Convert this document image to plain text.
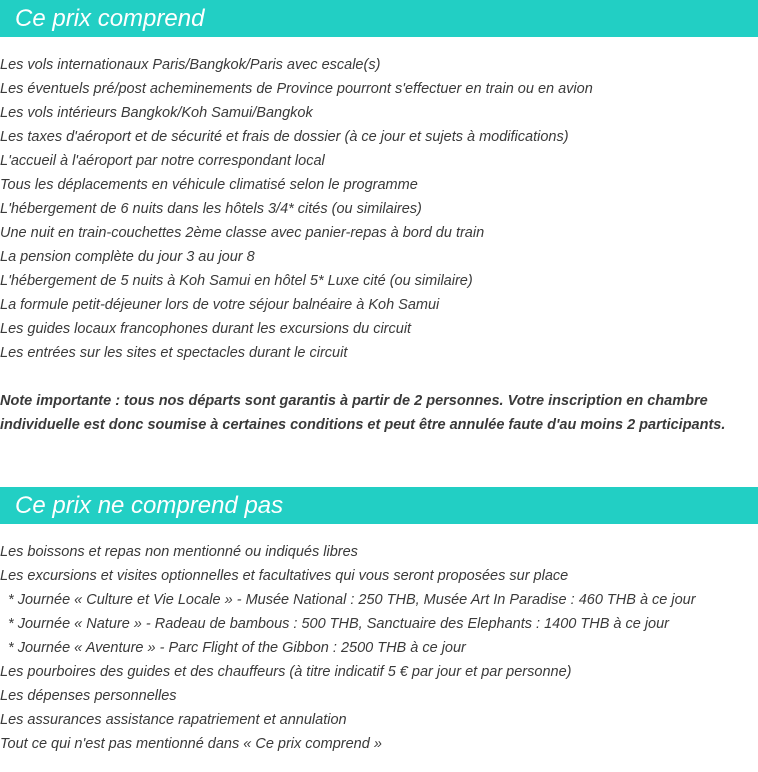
Ce prix comprend
Les vols internationaux Paris/Bangkok/Paris avec escale(s)
Les éventuels pré/post acheminements de Province pourront s'effectuer en train ou en avion
Les vols intérieurs Bangkok/Koh Samui/Bangkok
Les taxes d'aéroport et de sécurité et frais de dossier (à ce jour et sujets à modifications)
L'accueil à l'aéroport par notre correspondant local
Tous les déplacements en véhicule climatisé selon le programme
L'hébergement de 6 nuits dans les hôtels 3/4* cités (ou similaires)
Une nuit en train-couchettes 2ème classe avec panier-repas à bord du train
La pension complète du jour 3 au jour 8
L'hébergement de 5 nuits à Koh Samui en hôtel 5* Luxe cité (ou similaire)
La formule petit-déjeuner lors de votre séjour balnéaire à Koh Samui
Les guides locaux francophones durant les excursions du circuit
Les entrées sur les sites et spectacles durant le circuit

Note importante : tous nos départs sont garantis à partir de 2 personnes. Votre inscription en chambre individuelle est donc soumise à certaines conditions et peut être annulée faute d'au moins 2 participants.

Ce prix ne comprend pas
Les boissons et repas non mentionné ou indiqués libres
Les excursions et visites optionnelles et facultatives qui vous seront proposées sur place
* Journée « Culture et Vie Locale » - Musée National : 250 THB, Musée Art In Paradise : 460 THB à ce jour
* Journée « Nature » - Radeau de bambous : 500 THB, Sanctuaire des Elephants : 1400 THB à ce jour
* Journée « Aventure » - Parc Flight of the Gibbon : 2500 THB à ce jour
Les pourboires des guides et des chauffeurs (à titre indicatif 5 € par jour et par personne)
Les dépenses personnelles
Les assurances assistance rapatriement et annulation
Tout ce qui n'est pas mentionné dans « Ce prix comprend »
